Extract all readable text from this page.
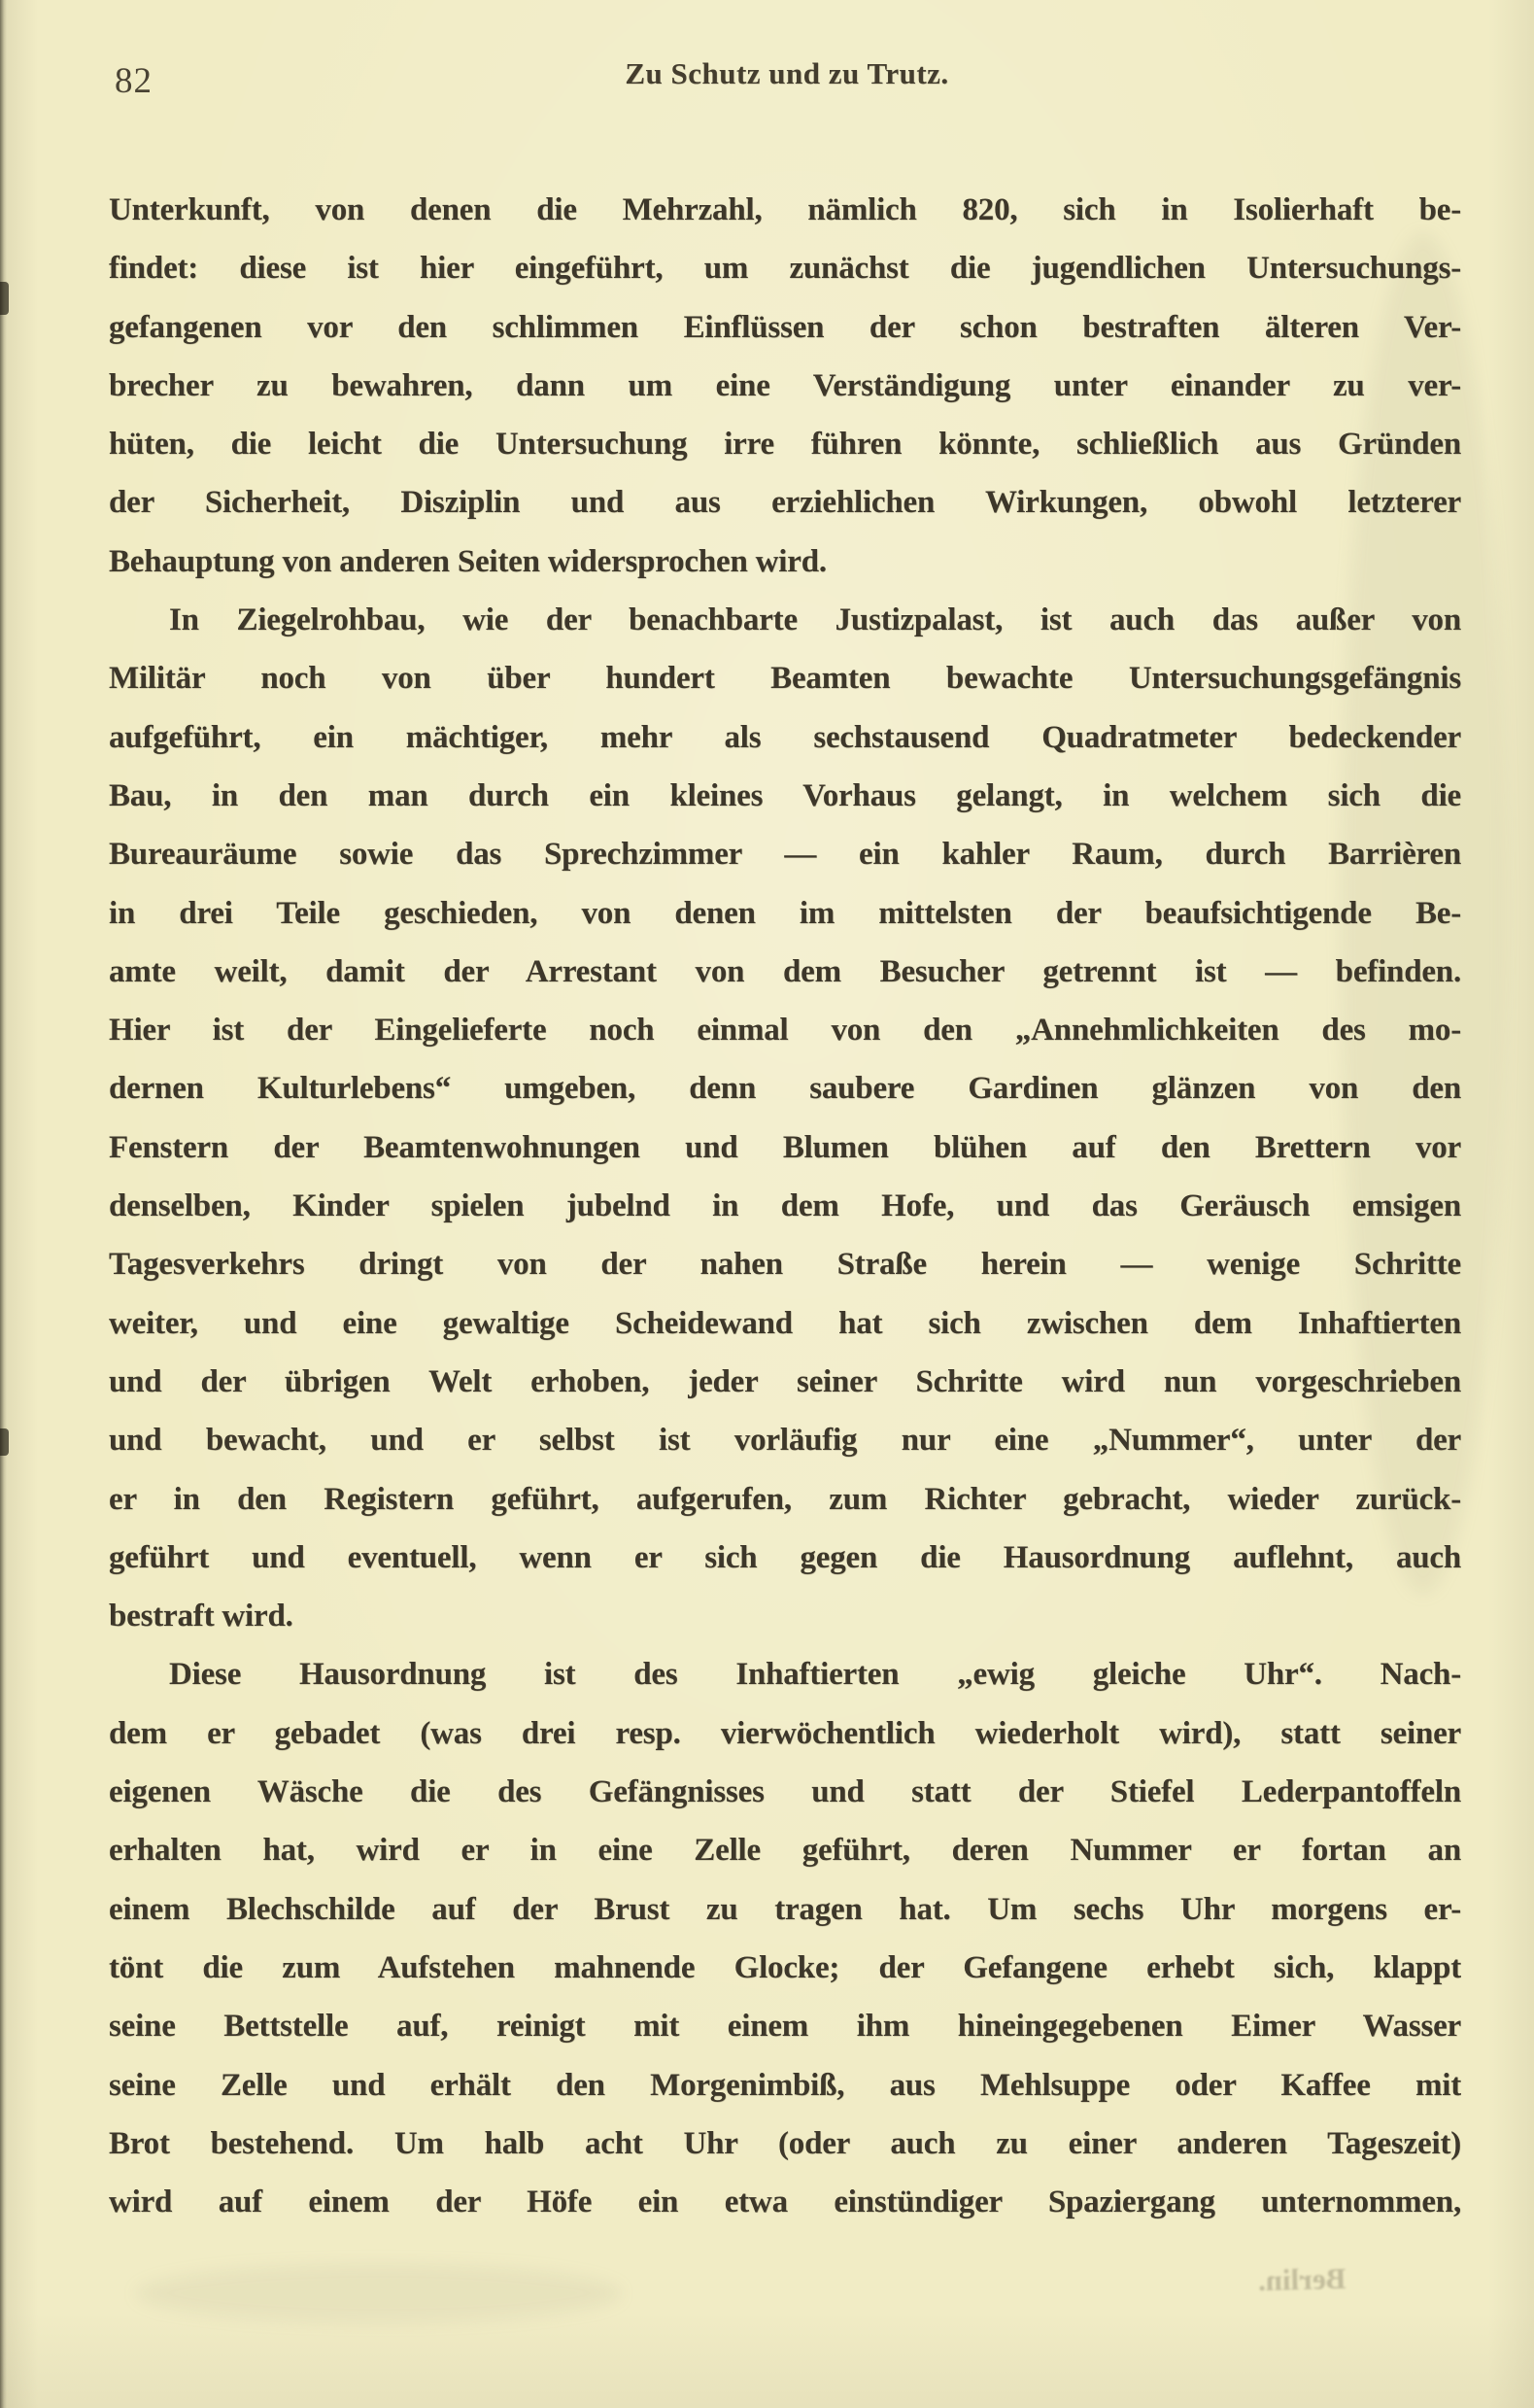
82	Zu Schutz und zu Trutz.
Unterkunft, von denen die Mehrzahl, nämlich 820, sich in Isolierhaft be-
findet: diese ist hier eingeführt, um zunächst die jugendlichen Untersuchungs-
gefangenen vor den schlimmen Einflüssen der schon bestraften älteren Ver-
brecher zu bewahren, dann um eine Verständigung unter einander zu ver-
hüten, die leicht die Untersuchung irre führen könnte, schließlich aus Gründen
der Sicherheit, Disziplin und aus erziehlichen Wirkungen, obwohl letzterer
Behauptung von anderen Seiten widersprochen wird.
In Ziegelrohbau, wie der benachbarte Justizpalast, ist auch das außer von
Militär noch von über hundert Beamten bewachte Untersuchungsgefängnis
aufgeführt, ein mächtiger, mehr als sechstausend Quadratmeter bedeckender
Bau, in den man durch ein kleines Vorhaus gelangt, in welchem sich die
Bureauräume sowie das Sprechzimmer — ein kahler Raum, durch Barrièren
in drei Teile geschieden, von denen im mittelsten der beaufsichtigende Be-
amte weilt, damit der Arrestant von dem Besucher getrennt ist — befinden.
Hier ist der Eingelieferte noch einmal von den „Annehmlichkeiten des mo-
dernen Kulturlebens“ umgeben, denn saubere Gardinen glänzen von den
Fenstern der Beamtenwohnungen und Blumen blühen auf den Brettern vor
denselben, Kinder spielen jubelnd in dem Hofe, und das Geräusch emsigen
Tagesverkehrs dringt von der nahen Straße herein — wenige Schritte
weiter, und eine gewaltige Scheidewand hat sich zwischen dem Inhaftierten
und der übrigen Welt erhoben, jeder seiner Schritte wird nun vorgeschrieben
und bewacht, und er selbst ist vorläufig nur eine „Nummer“, unter der
er in den Registern geführt, aufgerufen, zum Richter gebracht, wieder zurück-
geführt und eventuell, wenn er sich gegen die Hausordnung auflehnt, auch
bestraft wird.
Diese Hausordnung ist des Inhaftierten „ewig gleiche Uhr“. Nach-
dem er gebadet (was drei resp. vierwöchentlich wiederholt wird), statt seiner
eigenen Wäsche die des Gefängnisses und statt der Stiefel Lederpantoffeln
erhalten hat, wird er in eine Zelle geführt, deren Nummer er fortan an
einem Blechschilde auf der Brust zu tragen hat. Um sechs Uhr morgens er-
tönt die zum Aufstehen mahnende Glocke; der Gefangene erhebt sich, klappt
seine Bettstelle auf, reinigt mit einem ihm hineingegebenen Eimer Wasser
seine Zelle und erhält den Morgenimbiß, aus Mehlsuppe oder Kaffee mit
Brot bestehend. Um halb acht Uhr (oder auch zu einer anderen Tageszeit)
wird auf einem der Höfe ein etwa einstündiger Spaziergang unternommen,
Berlin.
